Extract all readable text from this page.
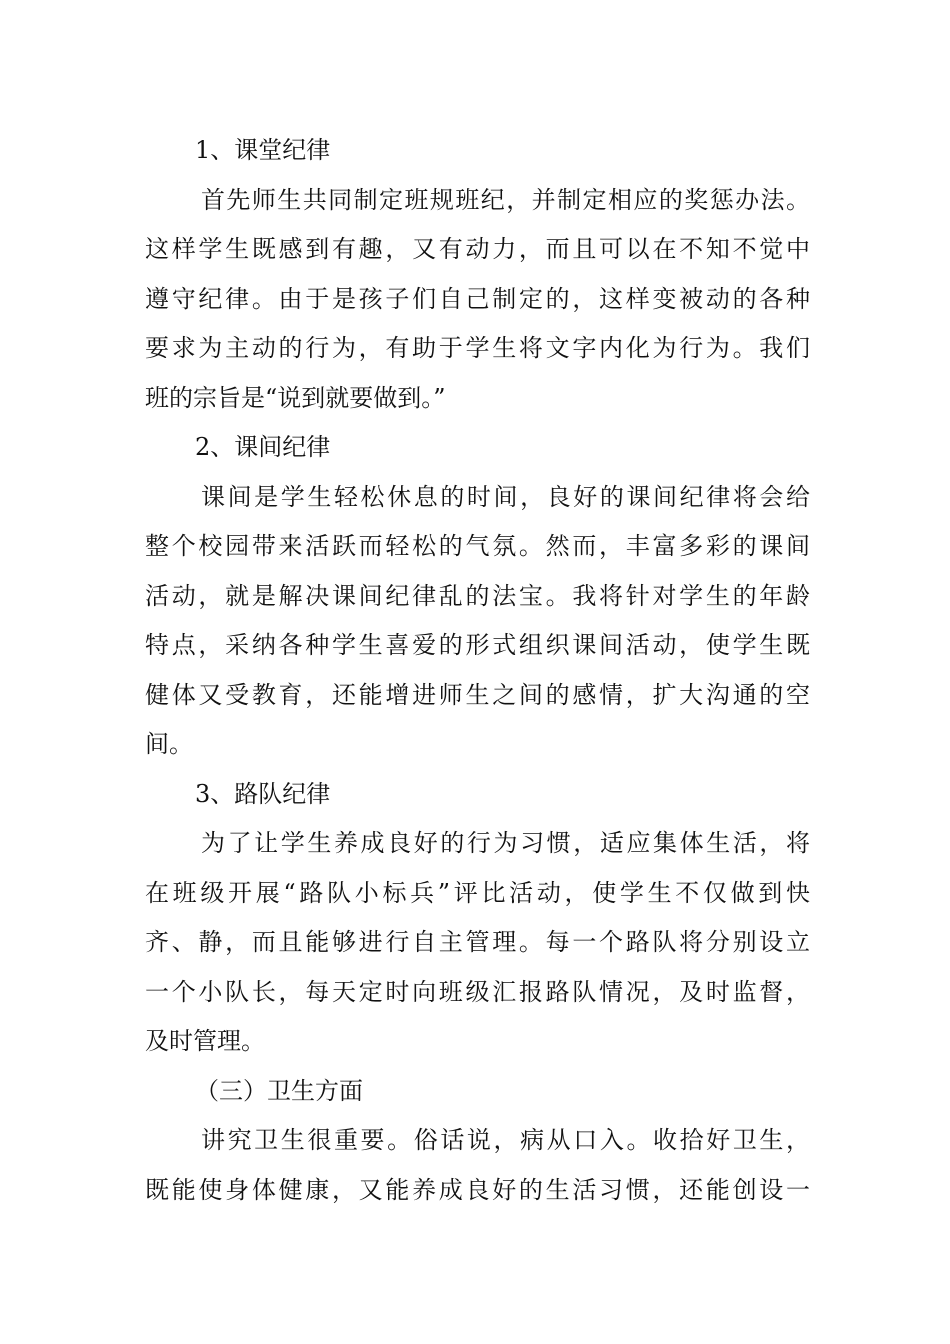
1、课堂纪律
首先师生共同制定班规班纪，并制定相应的奖惩办法。
这样学生既感到有趣，又有动力，而且可以在不知不觉中
遵守纪律。由于是孩子们自己制定的，这样变被动的各种
要求为主动的行为，有助于学生将文字内化为行为。我们
班的宗旨是“说到就要做到。”
2、课间纪律
课间是学生轻松休息的时间，良好的课间纪律将会给
整个校园带来活跃而轻松的气氛。然而，丰富多彩的课间
活动，就是解决课间纪律乱的法宝。我将针对学生的年龄
特点，采纳各种学生喜爱的形式组织课间活动，使学生既
健体又受教育，还能增进师生之间的感情，扩大沟通的空
间。
3、路队纪律
为了让学生养成良好的行为习惯，适应集体生活，将
在班级开展“路队小标兵”评比活动，使学生不仅做到快
齐、静，而且能够进行自主管理。每一个路队将分别设立
一个小队长，每天定时向班级汇报路队情况，及时监督，
及时管理。
（三）卫生方面
讲究卫生很重要。俗话说，病从口入。收拾好卫生，
既能使身体健康，又能养成良好的生活习惯，还能创设一
